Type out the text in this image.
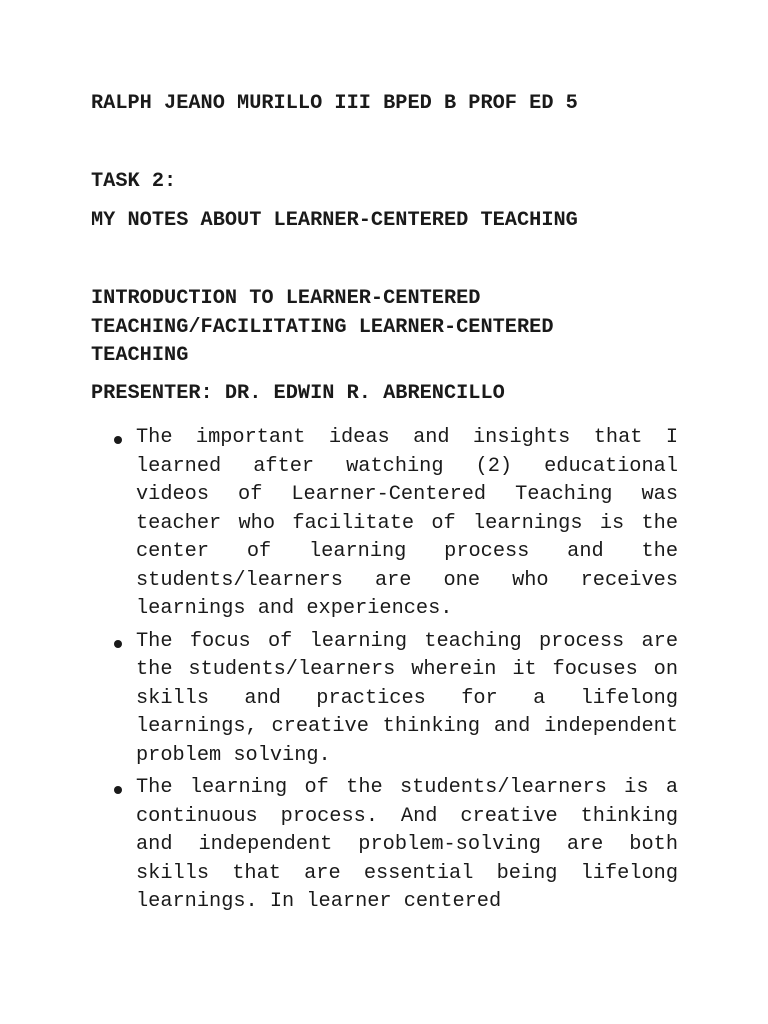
RALPH JEANO MURILLO III BPED B PROF ED 5

TASK 2:

MY NOTES ABOUT LEARNER-CENTERED TEACHING

INTRODUCTION TO LEARNER-CENTERED TEACHING/FACILITATING LEARNER-CENTERED TEACHING

PRESENTER: DR. EDWIN R. ABRENCILLO

The important ideas and insights that I learned after watching (2) educational videos of Learner-Centered Teaching was teacher who facilitate of learnings is the center of learning process and the students/learners are one who receives learnings and experiences.
The focus of learning teaching process are the students/learners wherein it focuses on skills and practices for a lifelong learnings, creative thinking and independent problem solving.
The learning of the students/learners is a continuous process. And creative thinking and independent problem-solving are both skills that are essential being lifelong learnings. In learner centered
